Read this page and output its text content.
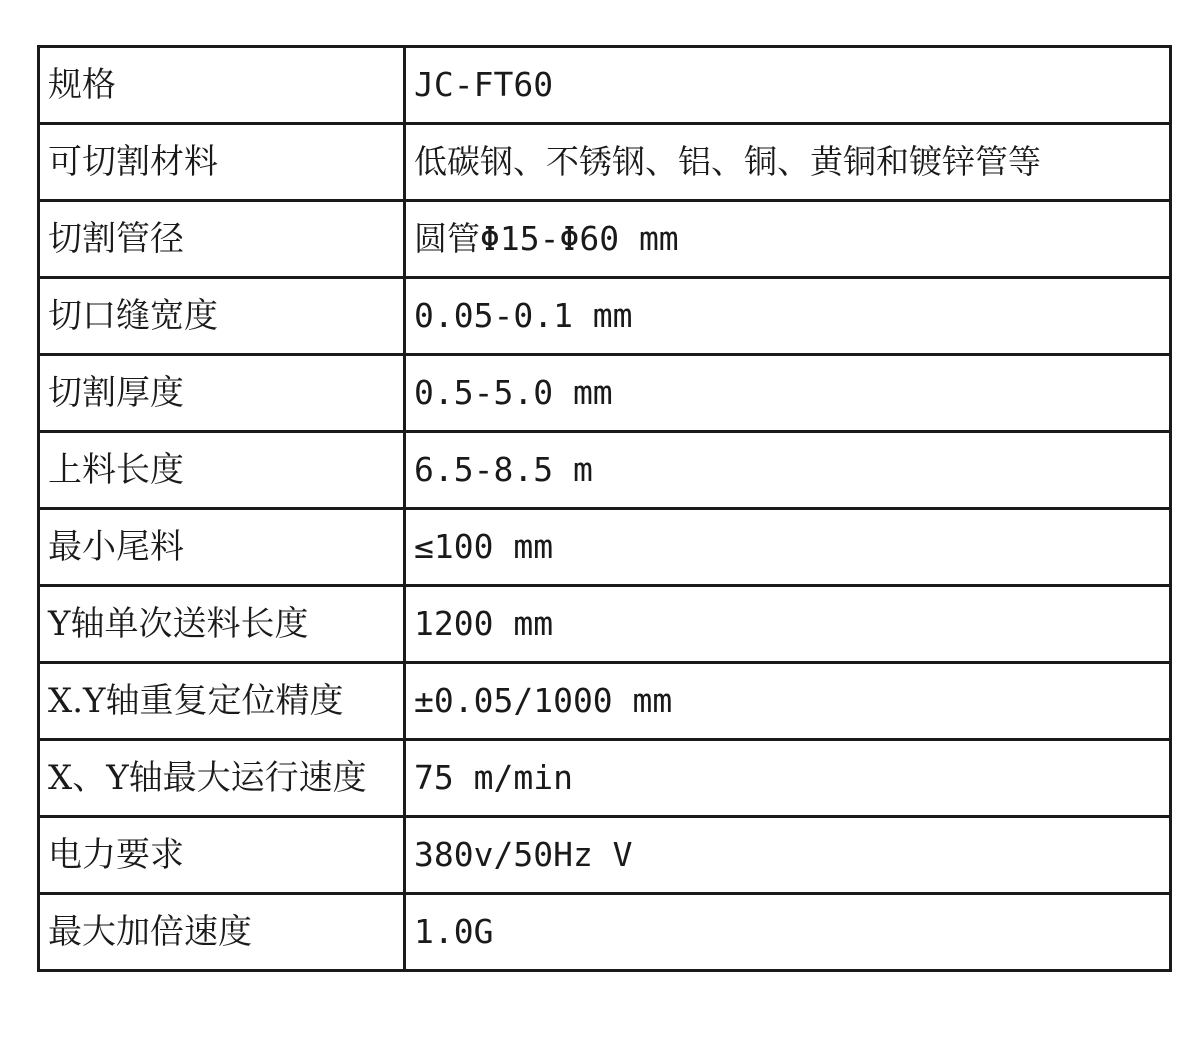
规格	JC-FT60
可切割材料	低碳钢、不锈钢、铝、铜、黄铜和镀锌管等
切割管径	圆管Φ15-Φ60 mm
切口缝宽度	0.05-0.1 mm
切割厚度	0.5-5.0 mm
上料长度	6.5-8.5 m
最小尾料	≤100 mm
Y轴单次送料长度	1200 mm
X.Y轴重复定位精度	±0.05/1000 mm
X、Y轴最大运行速度	75 m/min
电力要求	380v/50Hz V
最大加倍速度	1.0G
